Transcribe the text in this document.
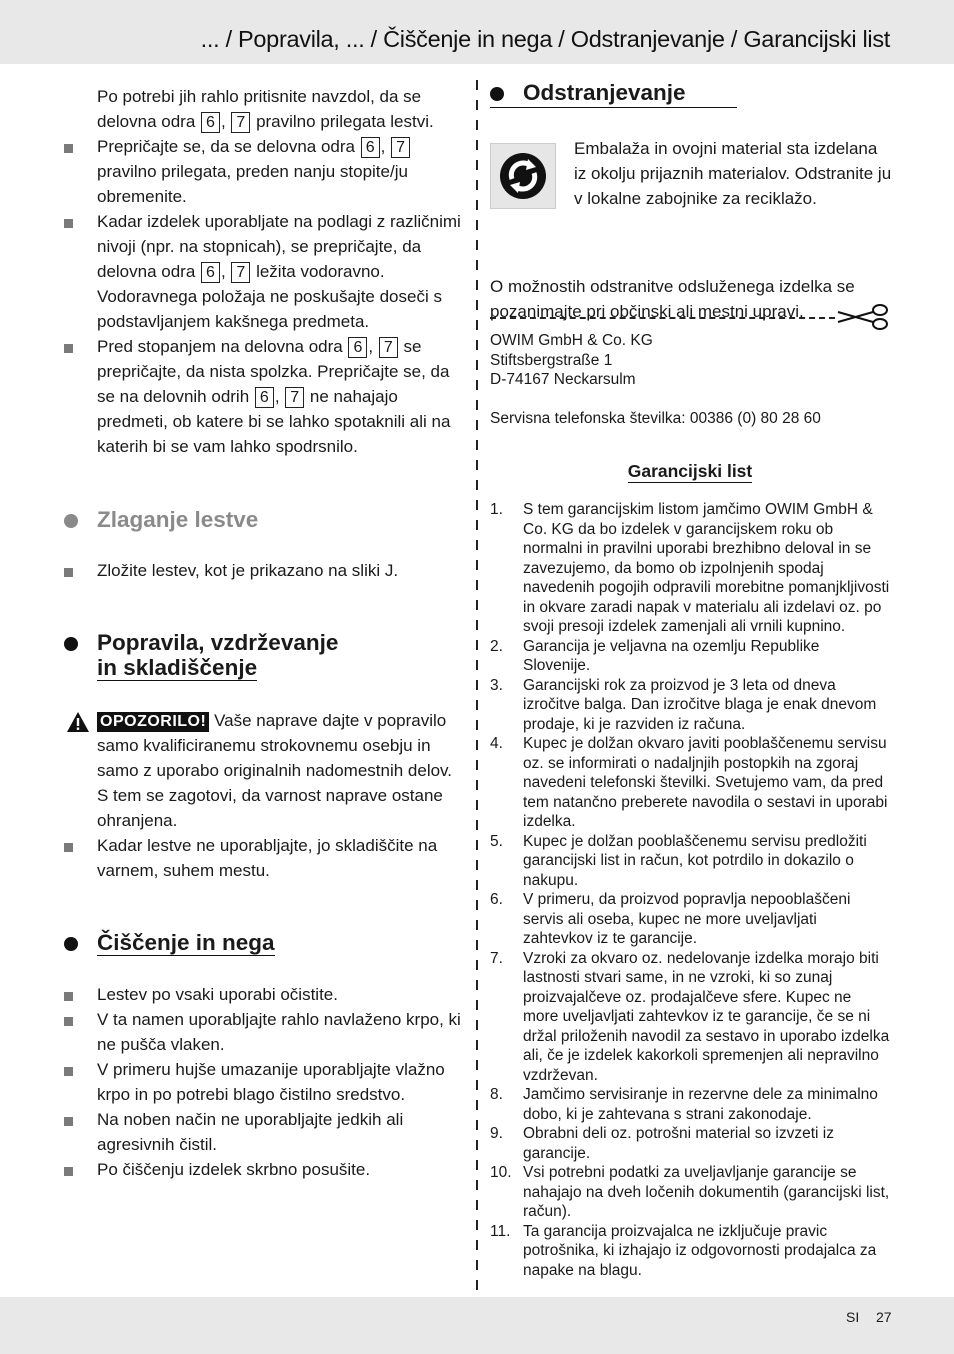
... / Popravila, ... / Čiščenje in nega / Odstranjevanje / Garancijski list

Po potrebi jih rahlo pritisnite navzdol, da se
delovna odra 6 , 7 pravilno prilegata lestvi.

Prepričajte se, da se delovna odra 6 , 7 pravilno prilegata, preden nanju stopite/ju obremenite.
Kadar izdelek uporabljate na podlagi z različnimi nivoji (npr. na stopnicah), se prepričajte, da delovna odra 6 , 7 ležita vodoravno. Vodoravnega položaja ne poskušajte doseči s podstavljanjem kakšnega predmeta.
Pred stopanjem na delovna odra 6 , 7 se prepričajte, da nista spolzka. Prepričajte se, da se na delovnih odrih 6 , 7 ne nahajajo predmeti, ob katere bi se lahko spotaknili ali na katerih bi se vam lahko spodrsnilo.
Zlaganje lestve
Zložite lestev, kot je prikazano na sliki J.
Popravila, vzdrževanje
in skladiščenje
OPOZORILO! Vaše naprave dajte v popravilo samo kvalificiranemu strokovnemu osebju in samo z uporabo originalnih nadomestnih delov. S tem se zagotovi, da varnost naprave ostane ohranjena.
Kadar lestve ne uporabljajte, jo skladiščite na varnem, suhem mestu.
Čiščenje in nega
Lestev po vsaki uporabi očistite.
V ta namen uporabljajte rahlo navlaženo krpo, ki ne pušča vlaken.
V primeru hujše umazanije uporabljajte vlažno krpo in po potrebi blago čistilno sredstvo.
Na noben način ne uporabljajte jedkih ali agresivnih čistil.
Po čiščenju izdelek skrbno posušite.
Odstranjevanje

Embalaža in ovojni material sta izdelana iz okolju prijaznih materialov. Odstranite ju v lokalne zabojnike za reciklažo.

O možnostih odstranitve odsluženega izdelka se pozanimajte pri občinski ali mestni upravi.

OWIM GmbH & Co. KG
Stiftsbergstraße 1
D-74167 Neckarsulm
Servisna telefonska številka: 00386 (0) 80 28 60
Garancijski list
1. S tem garancijskim listom jamčimo OWIM GmbH & Co. KG da bo izdelek v garancijskem roku ob normalni in pravilni uporabi brezhibno deloval in se zavezujemo, da bomo ob izpolnjenih spodaj navedenih pogojih odpravili morebitne pomanjkljivosti in okvare zaradi napak v materialu ali izdelavi oz. po svoji presoji izdelek zamenjali ali vrnili kupnino.
2. Garancija je veljavna na ozemlju Republike Slovenije.
3. Garancijski rok za proizvod je 3 leta od dneva izročitve balga. Dan izročitve blaga je enak dnevom prodaje, ki je razviden iz računa.
4. Kupec je dolžan okvaro javiti pooblaščenemu servisu oz. se informirati o nadaljnjih postopkih na zgoraj navedeni telefonski številki. Svetujemo vam, da pred tem natančno preberete navodila o sestavi in uporabi izdelka.
5. Kupec je dolžan pooblaščenemu servisu predložiti garancijski list in račun, kot potrdilo in dokazilo o nakupu.
6. V primeru, da proizvod popravlja nepooblaščeni servis ali oseba, kupec ne more uveljavljati zahtevkov iz te garancije.
7. Vzroki za okvaro oz. nedelovanje izdelka morajo biti lastnosti stvari same, in ne vzroki, ki so zunaj proizvajalčeve oz. prodajalčeve sfere. Kupec ne more uveljavljati zahtevkov iz te garancije, če se ni držal priloženih navodil za sestavo in uporabo izdelka ali, če je izdelek kakorkoli spremenjen ali nepravilno vzdrževan.
8. Jamčimo servisiranje in rezervne dele za minimalno dobo, ki je zahtevana s strani zakonodaje.
9. Obrabni deli oz. potrošni material so izvzeti iz garancije.
10. Vsi potrebni podatki za uveljavljanje garancije se nahajajo na dveh ločenih dokumentih (garancijski list, račun).
11. Ta garancija proizvajalca ne izključuje pravic potrošnika, ki izhajajo iz odgovornosti prodajalca za napake na blagu.
SI 27
